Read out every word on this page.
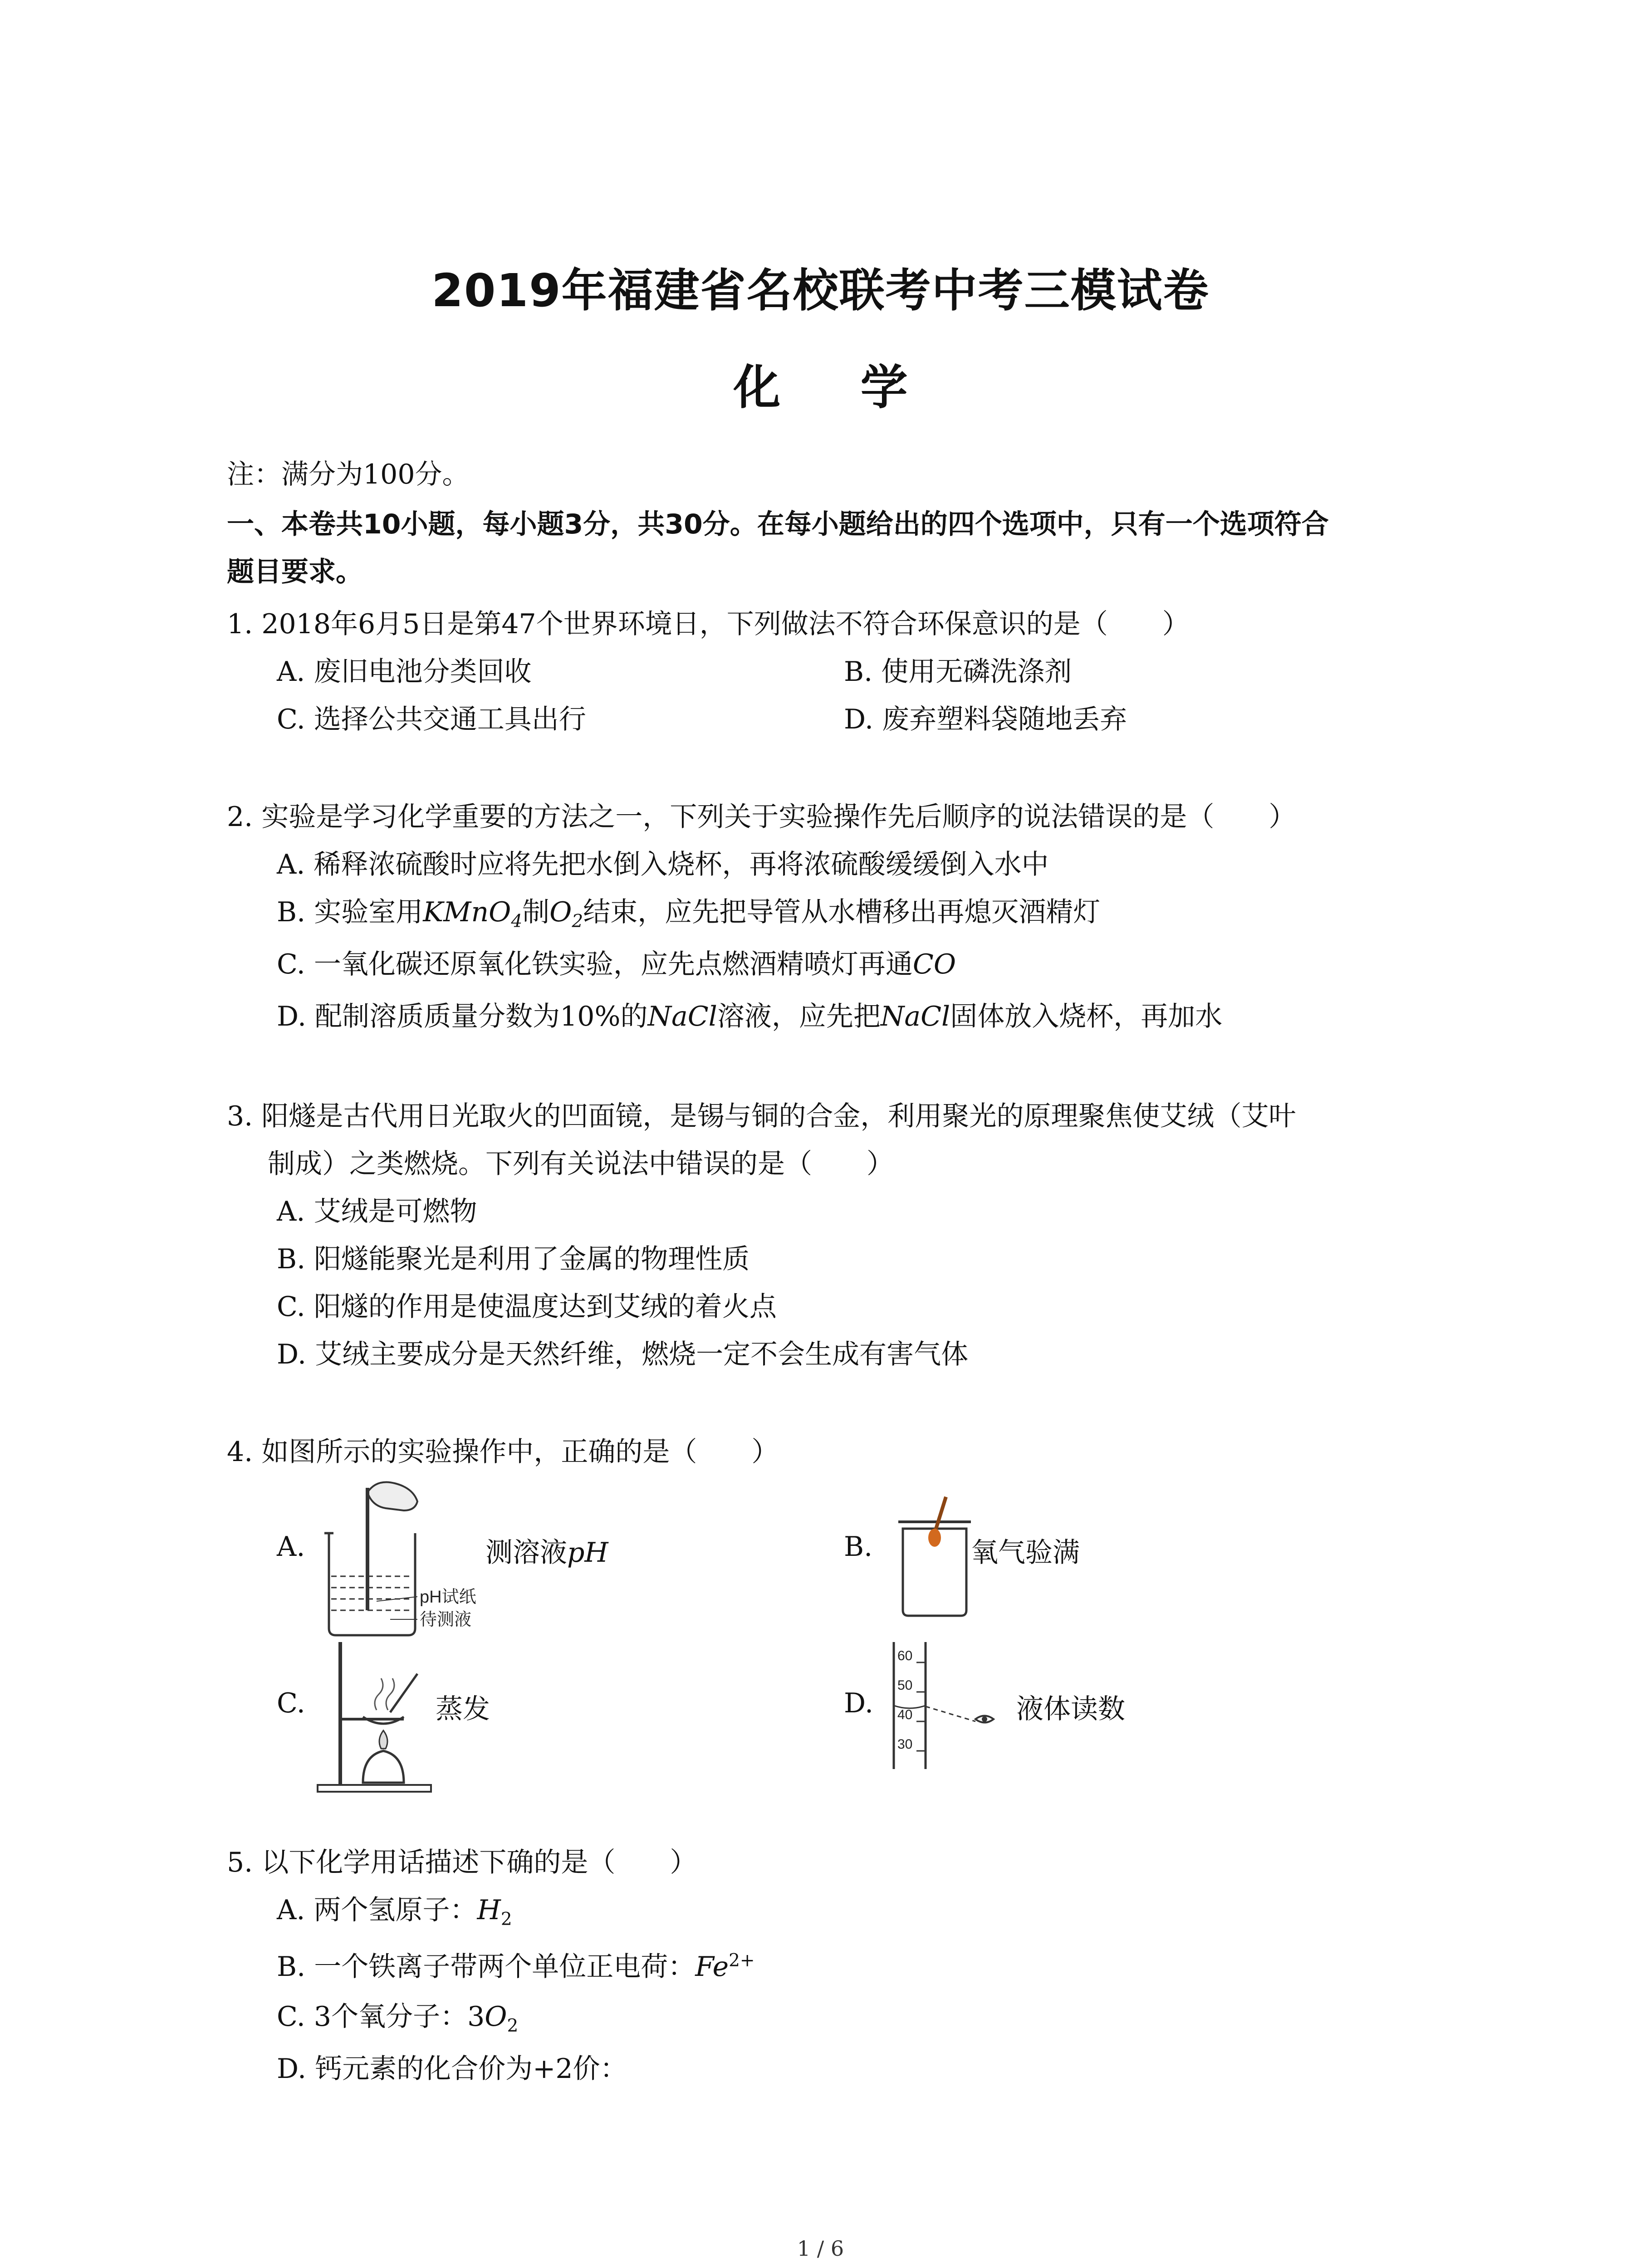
2019年福建省名校联考中考三模试卷
化 学
注：满分为100分。
一、本卷共10小题，每小题3分，共30分。在每小题给出的四个选项中，只有一个选项符合
题目要求。
1. 2018年6月5日是第47个世界环境日，下列做法不符合环保意识的是（　　）
A. 废旧电池分类回收	B. 使用无磷洗涤剂
C. 选择公共交通工具出行	D. 废弃塑料袋随地丢弃
2. 实验是学习化学重要的方法之一，下列关于实验操作先后顺序的说法错误的是（　　）
A. 稀释浓硫酸时应将先把水倒入烧杯，再将浓硫酸缓缓倒入水中
B. 实验室用KMnO$_4$制$O_2$结束，应先把导管从水槽移出再熄灭酒精灯
C. 一氧化碳还原氧化铁实验，应先点燃酒精喷灯再通CO
D. 配制溶质质量分数为10%的NaCl溶液，应先把NaCl固体放入烧杯，再加水
3. 阳燧是古代用日光取火的凹面镜，是锡与铜的合金，利用聚光的原理聚焦使艾绒（艾叶
制成）之类燃烧。下列有关说法中错误的是（　　）
A. 艾绒是可燃物
B. 阳燧能聚光是利用了金属的物理性质
C. 阳燧的作用是使温度达到艾绒的着火点
D. 艾绒主要成分是天然纤维，燃烧一定不会生成有害气体
4. 如图所示的实验操作中，正确的是（　　）
A.
pH试纸
待测液
测溶液pH	B.	氧气验满
C.	蒸发	D.
60
50
40
30
液体读数
5. 以下化学用话描述下确的是（　　）
A. 两个氢原子：$H_2$
B. 一个铁离子带两个单位正电荷：$Fe^{2+}$
C. 3个氧分子：$3O_2$
D. 钙元素的化合价为+2价：
1 / 6
